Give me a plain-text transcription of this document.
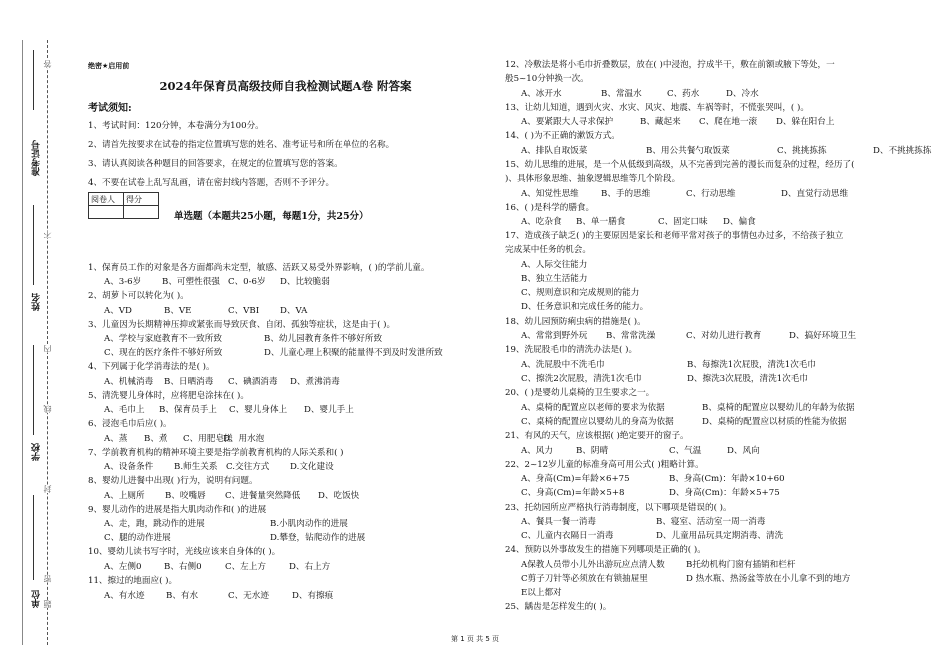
准考证号
姓名
学校
单位
答
不
内
线
封
密
题
绝密★启用前
2024年保育员高级技师自我检测试题A卷 附答案
考试须知:
1、考试时间：120分钟，本卷满分为100分。
2、请首先按要求在试卷的指定位置填写您的姓名、准考证号和所在单位的名称。
3、请认真阅读各种题目的回答要求，在规定的位置填写您的答案。
4、不要在试卷上乱写乱画，请在密封线内答题，否则不予评分。
阅卷人	得分

单选题（本题共25小题，每题1分，共25分）
1、保育员工作的对象是各方面都尚未定型，敏感、活跃又易受外界影响，( )的学前儿童。
A、3-6岁 B、可塑性很强 C、0-6岁 D、比较脆弱
2、胡萝卜可以转化为( )。
A、VD	B、VE	C、VBI D、VA
3、儿童因为长期精神压抑或紧张而导致厌食、自闭、孤独等症状，这是由于( )。
A、学校与家庭教育不一致所致	B、幼儿园教育条件不够好所致
C、现在的医疗条件不够好所致	D、儿童心理上积聚的能量得不到及时发泄所致
4、下列属于化学消毒法的是( )。
A、机械消毒 B、日晒消毒 C、碘酒消毒 D、煮沸消毒
5、清洗婴儿身体时，应将肥皂涂抹在( )。
A、毛巾上 B、保育员手上 C、婴儿身体上 D、婴儿手上
6、浸泡毛巾后应( )。
A、蒸 B、煮 C、用肥皂搓
D、用水泡
7、学前教育机构的精神环境主要是指学前教育机构的人际关系和( )
A、设备条件 B.师生关系 C.交往方式 D.文化建设
8、婴幼儿进餐中出现( )行为，说明有问题。
A、上厕所 B、咬嘴唇 C、进餐量突然降低 D、吃饭快
9、婴儿动作的进展是指大肌肉动作和( )的进展
A、走，跑，跳动作的进展	B.小肌肉动作的进展
C、腿的动作进展	D.攀登，钻爬动作的进展
10、婴幼儿读书写字时，光线应该来自身体的( )。
A、左侧0	B、右侧0	C、左上方	D、右上方
11、擦过的地面应( )。
A、有水迹 B、有水	C、无水迹	D、有擦痕
12、冷敷法是将小毛巾折叠数层，放在( )中浸泡，拧成半干，敷在前额或腋下等处，一
般5~10分钟换一次。
A、冰开水	B、常温水	C、药水	D、冷水
13、让幼儿知道，遇到火灾、水灾、风灾、地震、车祸等时，不慌张哭叫，( )。
A、要紧跟大人寻求保护	B、藏起来 C、爬在地一滚 D、躲在阳台上
14、( )为不正确的漱饭方式。
A、排队自取饭菜	B、用公共餐勺取饭菜	C、挑挑拣拣	D、不挑挑拣拣
15、幼儿思维的进展，是一个从低级到高级，从不完善到完善的漫长而复杂的过程，经历了(
)、具体形象思维、抽象逻辑思维等几个阶段。
A、知觉性思维	B、手的思维	C、行动思维	D、直觉行动思维
16、( )是科学的膳食。
A、吃杂食 B、单一膳食	C、固定口味 D、偏食
17、造成孩子缺乏( )的主要原因是家长和老师平常对孩子的事情包办过多，不给孩子独立
完成某中任务的机会。
A、人际交往能力
B、独立生活能力
C、规则意识和完成规则的能力
D、任务意识和完成任务的能力。
18、幼儿园预防痢虫病的措施是( )。
A、常常到野外玩 B、常常洗澡	C、对幼儿进行教育	D、搞好环境卫生
19、洗屁股毛巾的清洗办法是( )。
A、洗屁股中不洗毛巾	B、每擦洗1次屁股，清洗1次毛巾
C、擦洗2次屁股，清洗1次毛巾	D、擦洗3次屁股，清洗1次毛巾
20、( )是婴幼儿桌椅的卫生要求之一。
A、桌椅的配置应以老师的要求为依据	B、桌椅的配置应以婴幼儿的年龄为依据
C、桌椅的配置应以婴幼儿的身高为依据	D、桌椅的配置应以材质的性能为依据
21、有风的天气，应该根据( )绝定要开的窗子。
A、风力	B、阴晴	C、气温	D、风向
22、2~12岁儿童的标准身高可用公式( )粗略计算。
A、身高(Cm)=年龄×6+75	B、身高(Cm)：年龄×10+60
C、身高(Cm)=年龄×5+8	D、身高(Cm)：年龄×5+75
23、托幼园所应严格执行消毒制度，以下哪项是错误的( )。
A、餐具一餐一消毒	B、寝室、活动室一周一消毒
C、儿童内衣隔日一消毒	D、儿童用品玩具定期消毒、清洗
24、预防以外事故发生的措施下列哪项是正确的( )。
A保教人员带小儿外出游玩应点清人数 B托幼机构门窗有插销和栏杆
C剪子刀针等必须放在有锁抽屉里	D 热水瓶、热汤盆等放在小儿拿不到的地方
E以上都对
25、龋齿是怎样发生的( )。
第 1 页 共 5 页
